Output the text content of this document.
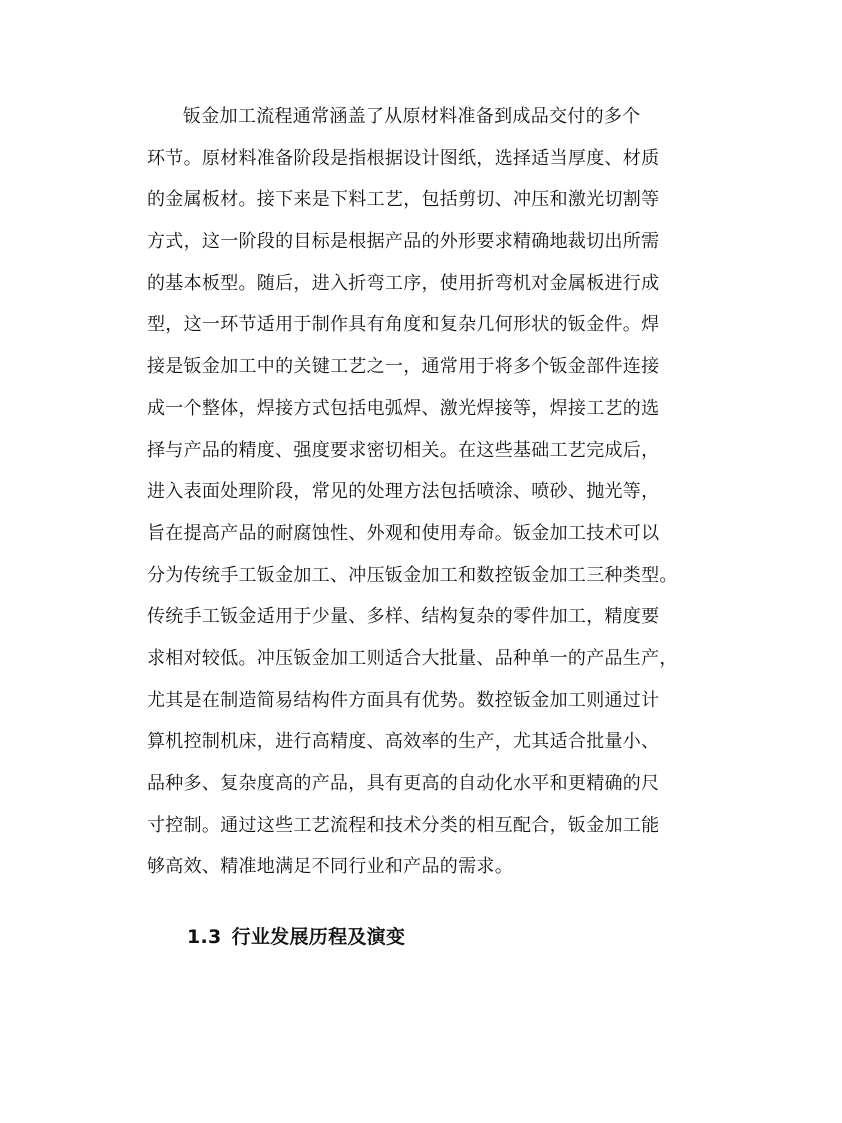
钣金加工流程通常涵盖了从原材料准备到成品交付的多个
环节。原材料准备阶段是指根据设计图纸，选择适当厚度、材质
的金属板材。接下来是下料工艺，包括剪切、冲压和激光切割等
方式，这一阶段的目标是根据产品的外形要求精确地裁切出所需
的基本板型。随后，进入折弯工序，使用折弯机对金属板进行成
型，这一环节适用于制作具有角度和复杂几何形状的钣金件。焊
接是钣金加工中的关键工艺之一，通常用于将多个钣金部件连接
成一个整体，焊接方式包括电弧焊、激光焊接等，焊接工艺的选
择与产品的精度、强度要求密切相关。在这些基础工艺完成后，
进入表面处理阶段，常见的处理方法包括喷涂、喷砂、抛光等，
旨在提高产品的耐腐蚀性、外观和使用寿命。钣金加工技术可以
分为传统手工钣金加工、冲压钣金加工和数控钣金加工三种类型。
传统手工钣金适用于少量、多样、结构复杂的零件加工，精度要
求相对较低。冲压钣金加工则适合大批量、品种单一的产品生产，
尤其是在制造简易结构件方面具有优势。数控钣金加工则通过计
算机控制机床，进行高精度、高效率的生产，尤其适合批量小、
品种多、复杂度高的产品，具有更高的自动化水平和更精确的尺
寸控制。通过这些工艺流程和技术分类的相互配合，钣金加工能
够高效、精准地满足不同行业和产品的需求。
1.3 行业发展历程及演变
